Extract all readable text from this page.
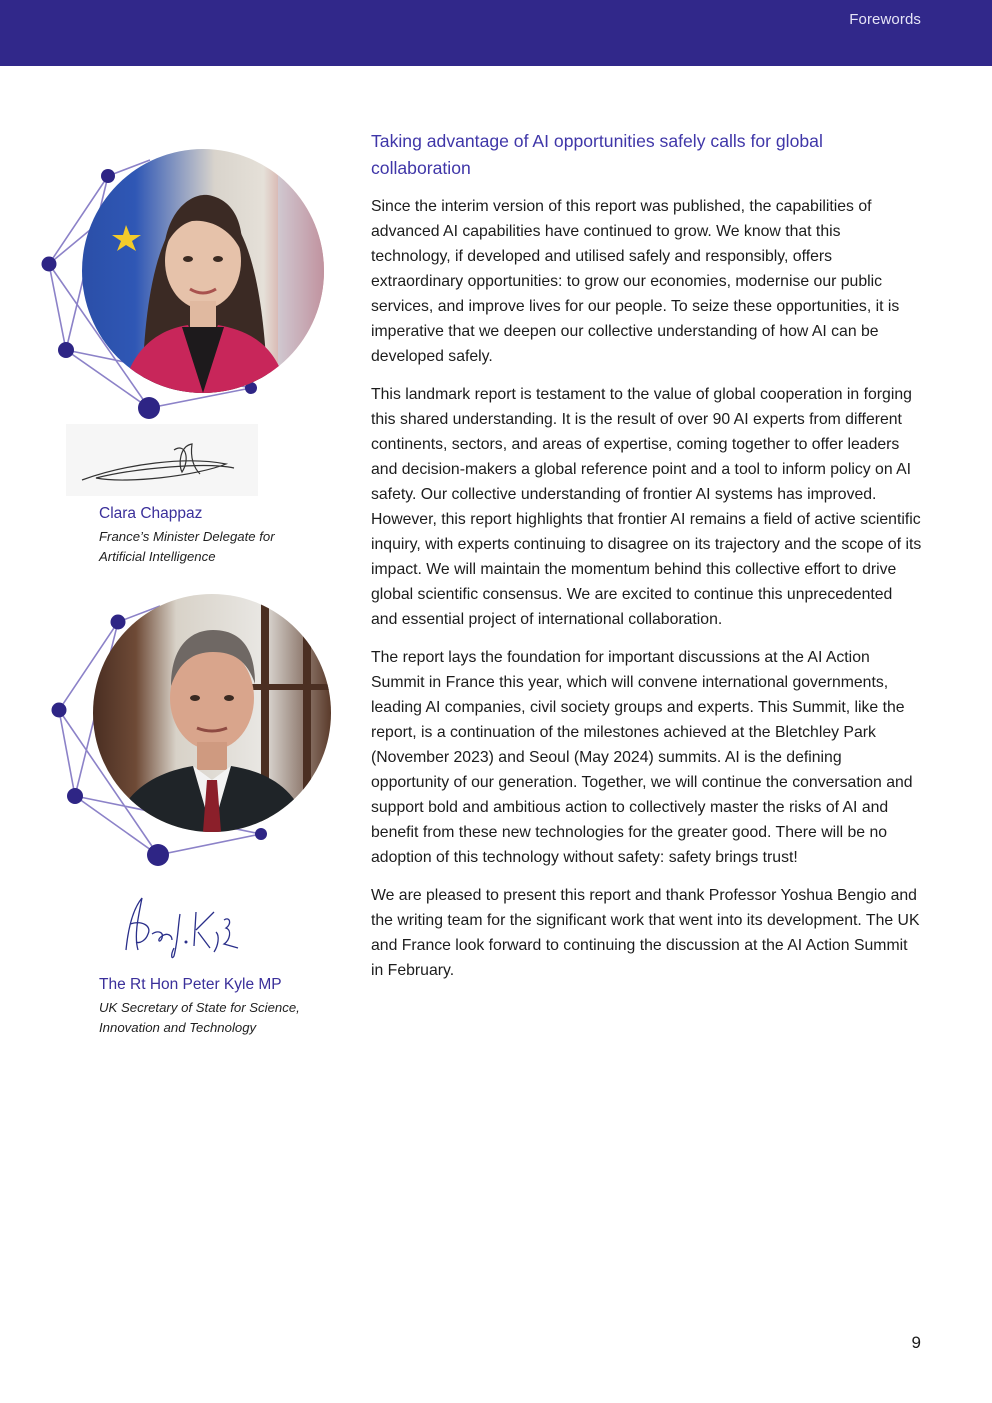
Forewords
Clara Chappaz
France’s Minister Delegate for
Artificial Intelligence
The Rt Hon Peter Kyle MP
UK Secretary of State for Science,
Innovation and Technology
Taking advantage of AI opportunities safely calls for global collaboration

Since the interim version of this report was published, the capabilities of advanced AI capabilities have continued to grow. We know that this technology, if developed and utilised safely and responsibly, offers extraordinary opportunities: to grow our economies, modernise our public services, and improve lives for our people. To seize these opportunities, it is imperative that we deepen our collective understanding of how AI can be developed safely.

This landmark report is testament to the value of global cooperation in forging this shared understanding. It is the result of over 90 AI experts from different continents, sectors, and areas of expertise, coming together to offer leaders and decision-makers a global reference point and a tool to inform policy on AI safety. Our collective understanding of frontier AI systems has improved. However, this report highlights that frontier AI remains a field of active scientific inquiry, with experts continuing to disagree on its trajectory and the scope of its impact. We will maintain the momentum behind this collective effort to drive global scientific consensus. We are excited to continue this unprecedented and essential project of international collaboration.

The report lays the foundation for important discussions at the AI Action Summit in France this year, which will convene international governments, leading AI companies, civil society groups and experts. This Summit, like the report, is a continuation of the milestones achieved at the Bletchley Park (November 2023) and Seoul (May 2024) summits. AI is the defining opportunity of our generation. Together, we will continue the conversation and support bold and ambitious action to collectively master the risks of AI and benefit from these new technologies for the greater good. There will be no adoption of this technology without safety: safety brings trust!

We are pleased to present this report and thank Professor Yoshua Bengio and the writing team for the significant work that went into its development. The UK and France look forward to continuing the discussion at the AI Action Summit in February.

9
